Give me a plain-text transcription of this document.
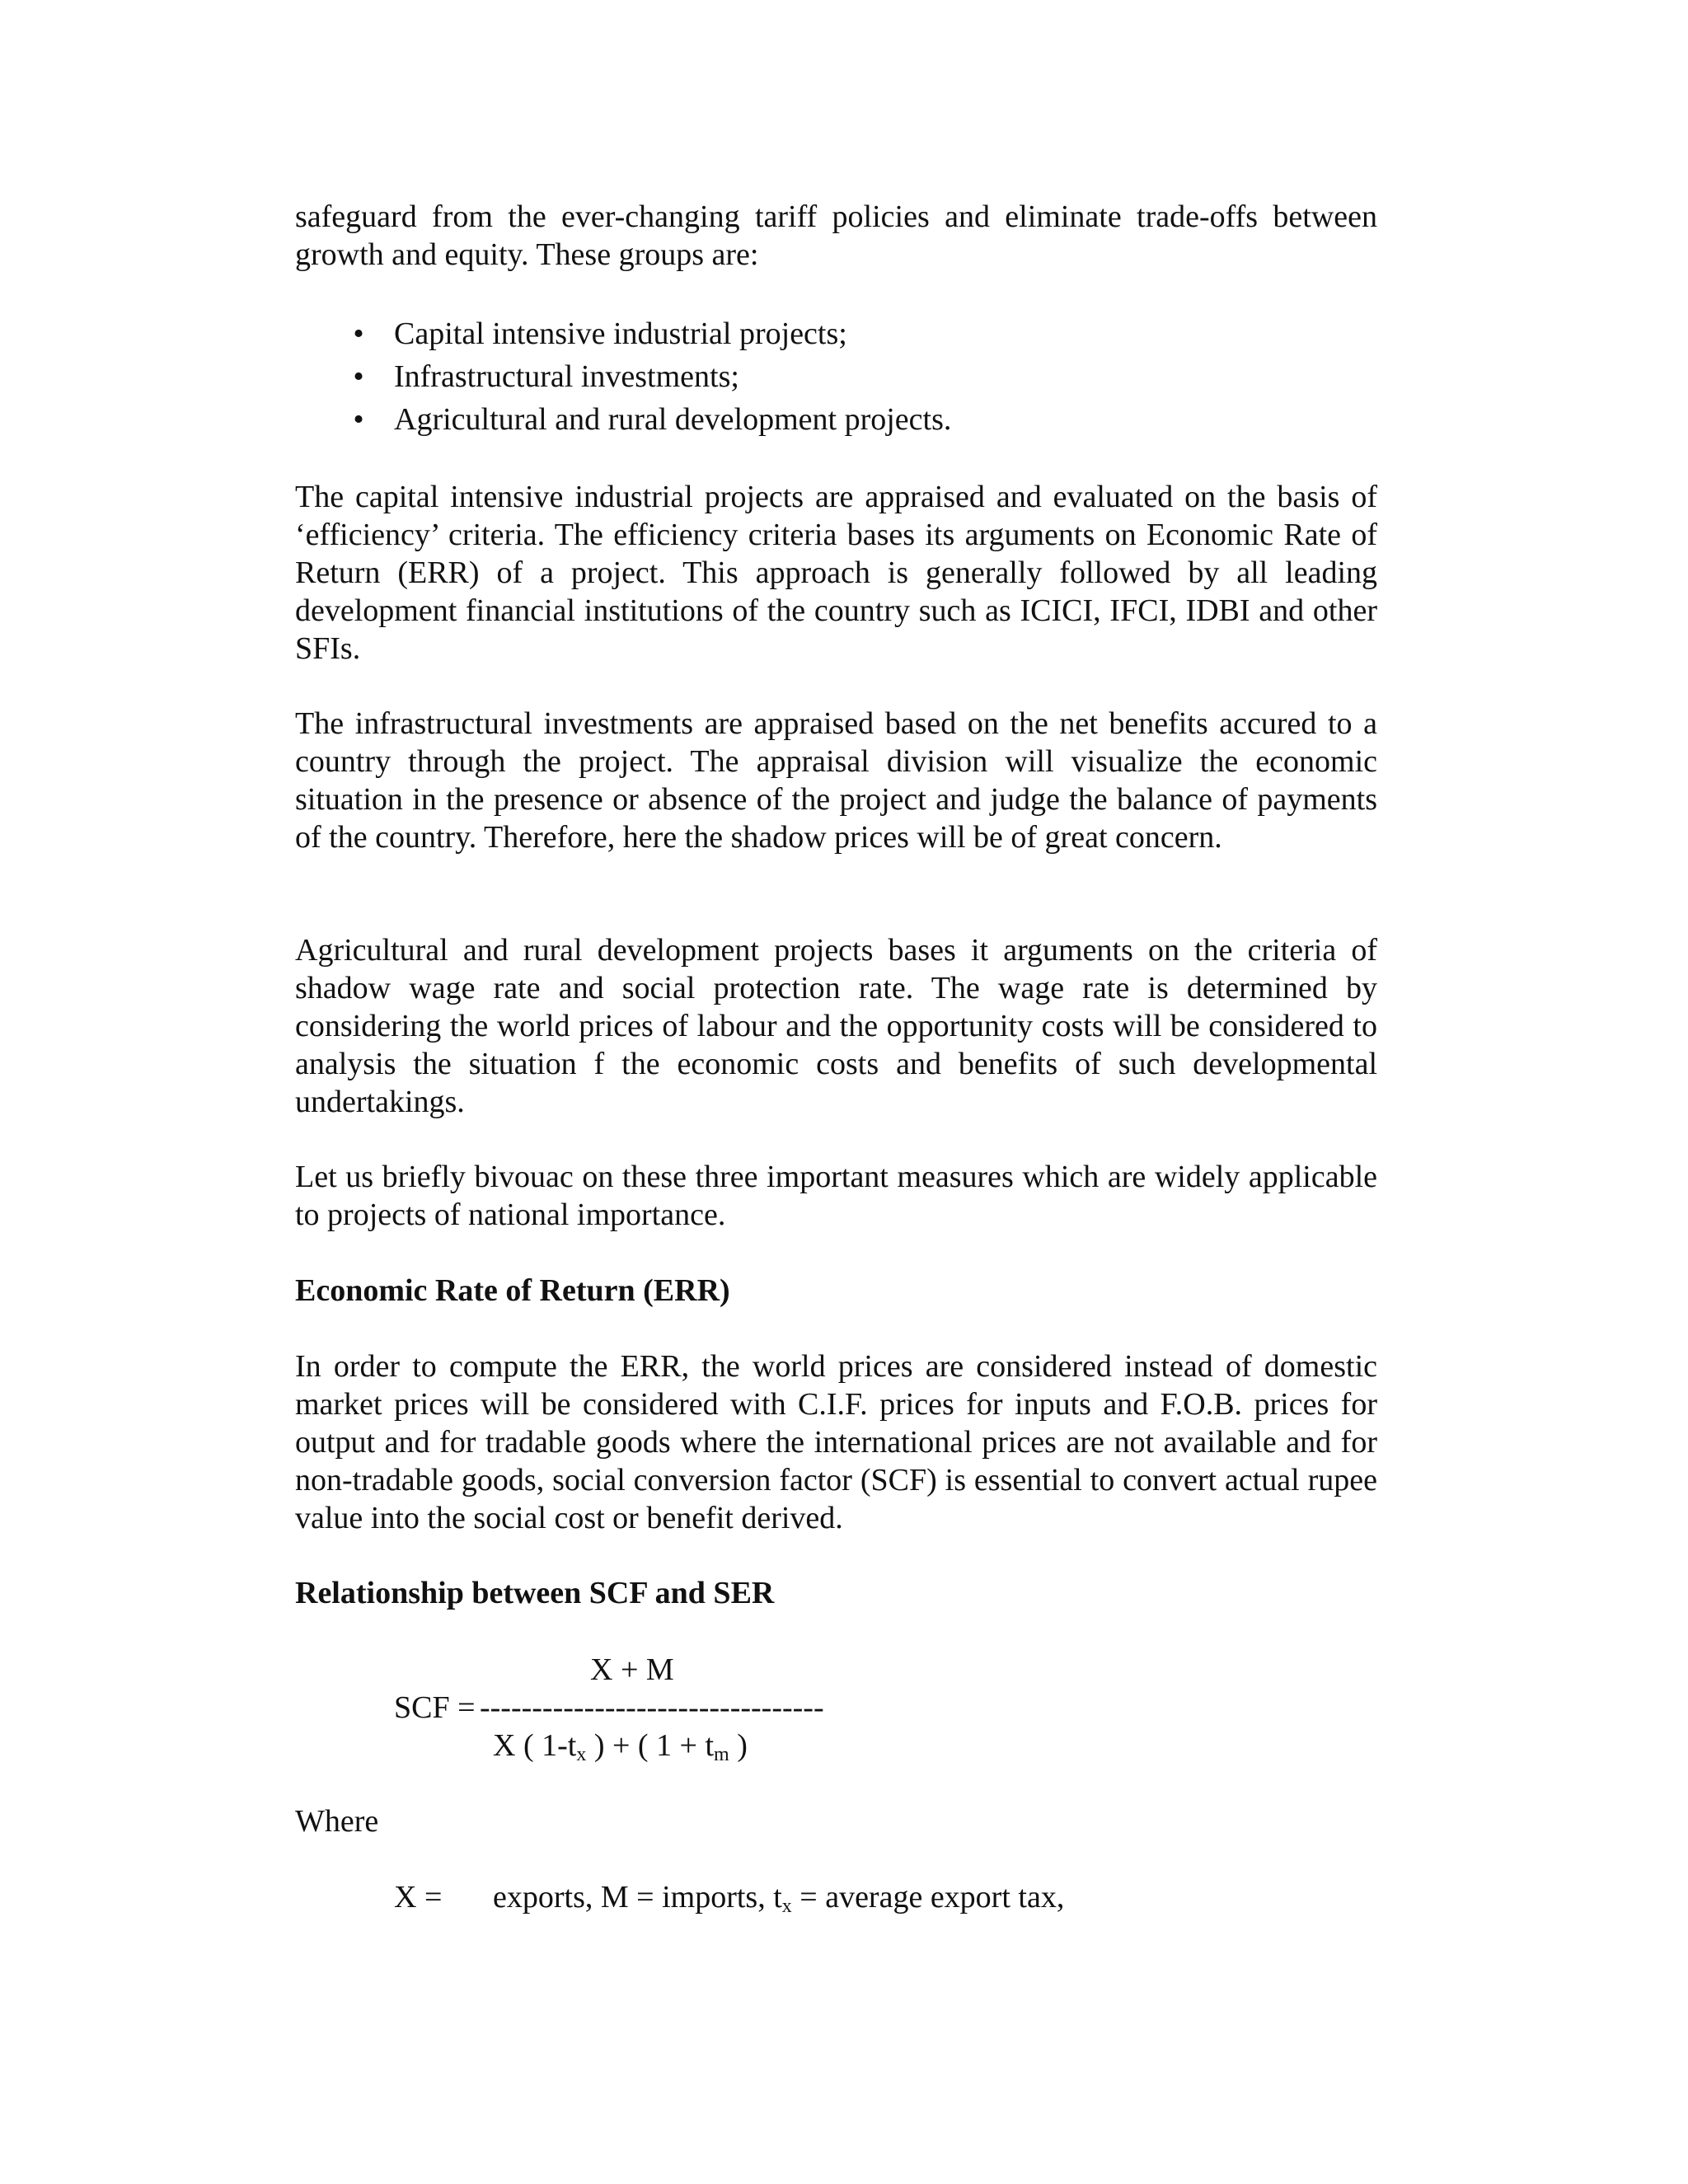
safeguard from the ever-changing tariff policies and eliminate trade-offs between growth and equity. These groups are:

• Capital intensive industrial projects;
• Infrastructural investments;
• Agricultural and rural development projects.

The capital intensive industrial projects are appraised and evaluated on the basis of ‘efficiency’ criteria. The efficiency criteria bases its arguments on Economic Rate of Return (ERR) of a project. This approach is generally followed by all leading development financial institutions of the country such as ICICI, IFCI, IDBI and other SFIs.

The infrastructural investments are appraised based on the net benefits accured to a country through the project. The appraisal division will visualize the economic situation in the presence or absence of the project and judge the balance of payments of the country. Therefore, here the shadow prices will be of great concern.

Agricultural and rural development projects bases it arguments on the criteria of shadow wage rate and social protection rate. The wage rate is determined by considering the world prices of labour and the opportunity costs will be considered to analysis the situation f the economic costs and benefits of such developmental undertakings.

Let us briefly bivouac on these three important measures which are widely applicable to projects of national importance.

Economic Rate of Return (ERR)

In order to compute the ERR, the world prices are considered instead of domestic market prices will be considered with C.I.F. prices for inputs and F.O.B. prices for output and for tradable goods where the international prices are not available and for non-tradable goods, social conversion factor (SCF) is essential to convert actual rupee value into the social cost or benefit derived.

Relationship between SCF and SER

X + M
SCF = ---------------------------------
X ( $1-t_x$ ) + ( $1 + t_m$ )

Where

X = exports, M = imports, $t_x$ = average export tax,
